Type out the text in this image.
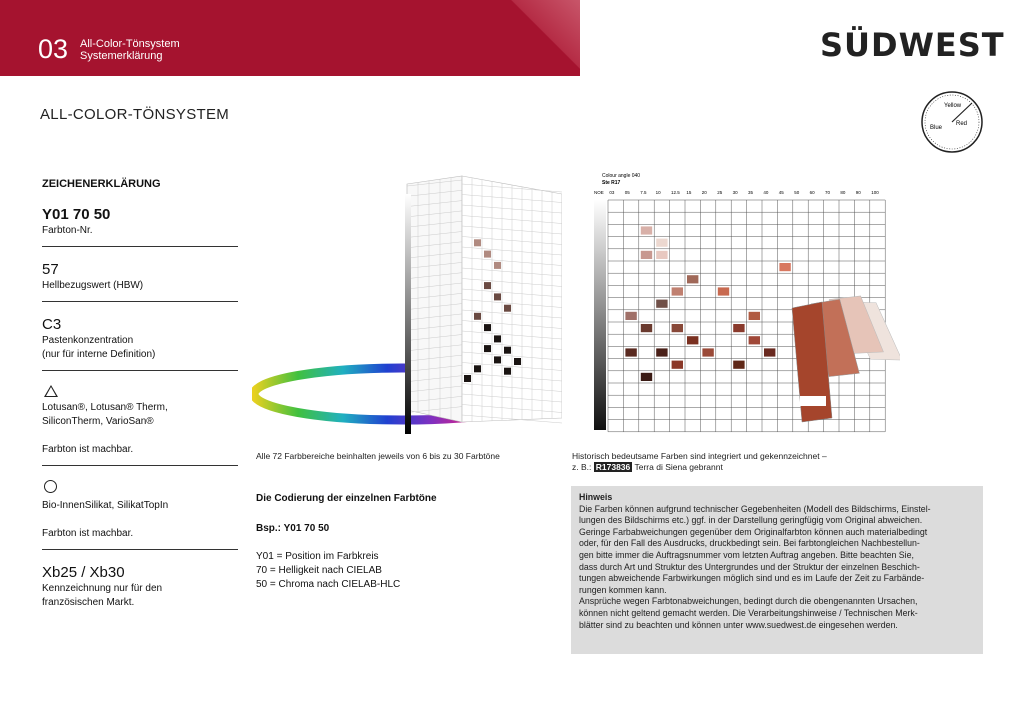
03 All-Color-Tönsystem
Systemerklärung	SÜDWEST
Yellow
Blue
Red
ALL-COLOR-TÖNSYSTEM
ZEICHENERKLÄRUNG
Y01 70 50
Farbton-Nr.
57
Hellbezugswert (HBW)
C3
Pastenkonzentration
(nur für interne Definition)
Lotusan®, Lotusan® Therm,
SiliconTherm, VarioSan®
Farbton ist machbar.
Bio-InnenSilikat, SilikatTopIn
Farbton ist machbar.
Xb25 / Xb30
Kennzeichnung nur für den
französischen Markt.
Alle 72 Farbbereiche beinhalten jeweils von 6 bis zu 30 Farbtöne
Colour angle 040
Ste R17
NOE 03 05 7.5 10 12.5 15 20 25 30 35 40 45 50 60 70 80 90 100
Historisch bedeutsame Farben sind integriert und gekennzeichnet –
z. B.: R173836 Terra di Siena gebrannt
Die Codierung der einzelnen Farbtöne
Bsp.: Y01 70 50
Y01 = Position im Farbkreis
70 = Helligkeit nach CIELAB
50 = Chroma nach CIELAB-HLC
Hinweis
Die Farben können aufgrund technischer Gegebenheiten (Modell des Bildschirms, Einstel-
lungen des Bildschirms etc.) ggf. in der Darstellung geringfügig vom Original abweichen.
Geringe Farbabweichungen gegenüber dem Originalfarbton können auch materialbedingt
oder, für den Fall des Ausdrucks, druckbedingt sein. Bei farbtongleichen Nachbestellun-
gen bitte immer die Auftragsnummer vom letzten Auftrag angeben. Bitte beachten Sie,
dass durch Art und Struktur des Untergrundes und der Struktur der einzelnen Beschich-
tungen abweichende Farbwirkungen möglich sind und es im Laufe der Zeit zu Farbände-
rungen kommen kann.
Ansprüche wegen Farbtonabweichungen, bedingt durch die obengenannten Ursachen,
können nicht geltend gemacht werden. Die Verarbeitungshinweise / Technischen Merk-
blätter sind zu beachten und können unter www.suedwest.de eingesehen werden.
